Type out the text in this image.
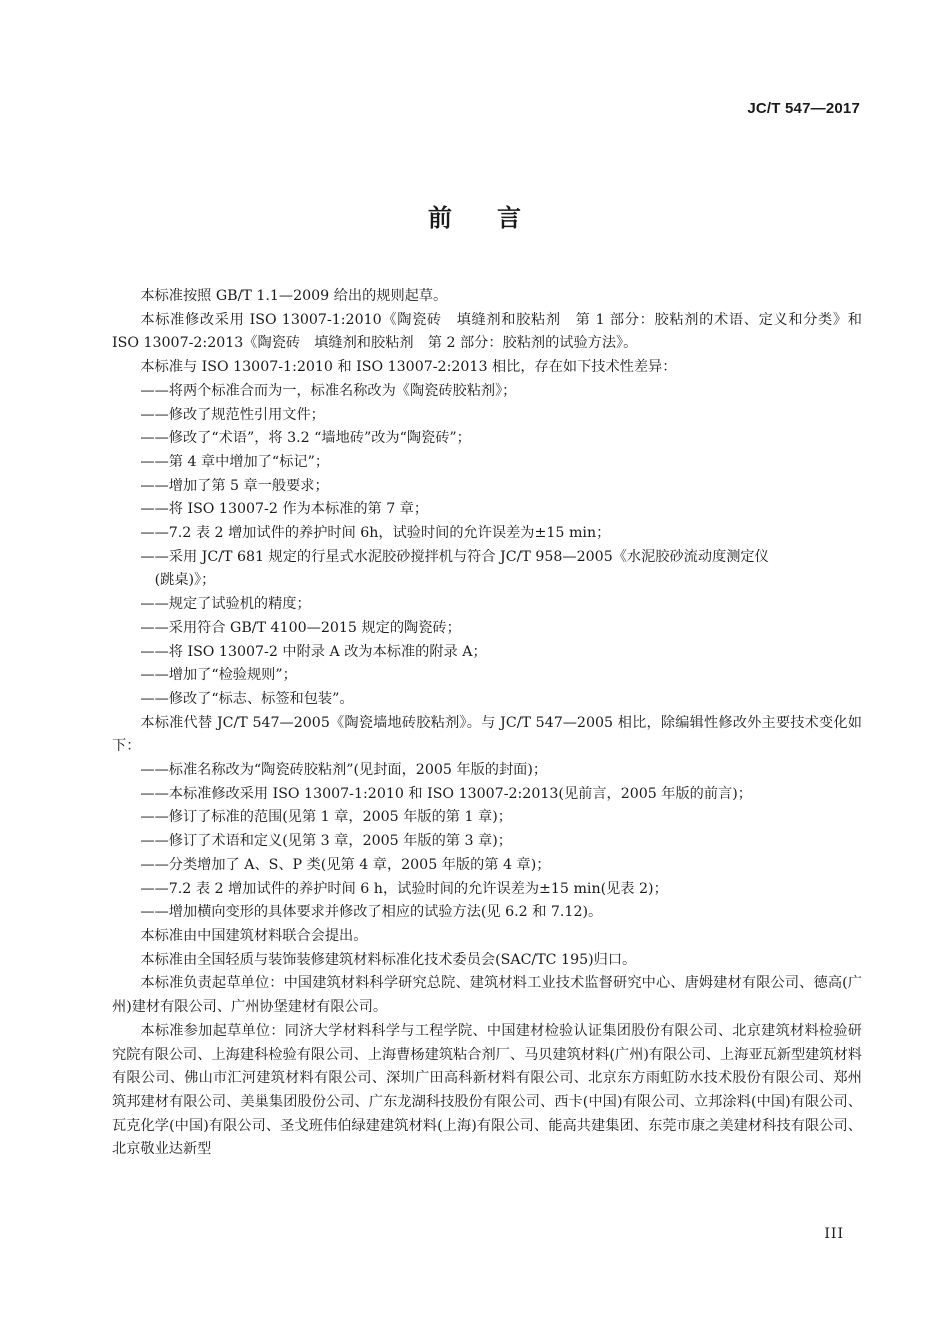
JC/T 547—2017
前 言

本标准按照 GB/T 1.1—2009 给出的规则起草。

本标准修改采用 ISO 13007-1:2010《陶瓷砖　填缝剂和胶粘剂　第 1 部分：胶粘剂的术语、定义和分类》和 ISO 13007-2:2013《陶瓷砖　填缝剂和胶粘剂　第 2 部分：胶粘剂的试验方法》。

本标准与 ISO 13007-1:2010 和 ISO 13007-2:2013 相比，存在如下技术性差异：

——将两个标准合而为一，标准名称改为《陶瓷砖胶粘剂》；

——修改了规范性引用文件；

——修改了“术语”，将 3.2 “墙地砖”改为“陶瓷砖”；

——第 4 章中增加了“标记”；

——增加了第 5 章一般要求；

——将 ISO 13007-2 作为本标准的第 7 章；

——7.2 表 2 增加试件的养护时间 6h，试验时间的允许误差为±15 min；

——采用 JC/T 681 规定的行星式水泥胶砂搅拌机与符合 JC/T 958—2005《水泥胶砂流动度测定仪

(跳桌)》；

——规定了试验机的精度；

——采用符合 GB/T 4100—2015 规定的陶瓷砖；

——将 ISO 13007-2 中附录 A 改为本标准的附录 A；

——增加了“检验规则”；

——修改了“标志、标签和包装”。

本标准代替 JC/T 547—2005《陶瓷墙地砖胶粘剂》。与 JC/T 547—2005 相比，除编辑性修改外主要技术变化如下：

——标准名称改为“陶瓷砖胶粘剂”(见封面，2005 年版的封面)；

——本标准修改采用 ISO 13007-1:2010 和 ISO 13007-2:2013(见前言，2005 年版的前言)；

——修订了标准的范围(见第 1 章，2005 年版的第 1 章)；

——修订了术语和定义(见第 3 章，2005 年版的第 3 章)；

——分类增加了 A、S、P 类(见第 4 章，2005 年版的第 4 章)；

——7.2 表 2 增加试件的养护时间 6 h，试验时间的允许误差为±15 min(见表 2)；

——增加横向变形的具体要求并修改了相应的试验方法(见 6.2 和 7.12)。

本标准由中国建筑材料联合会提出。

本标准由全国轻质与装饰装修建筑材料标准化技术委员会(SAC/TC 195)归口。

本标准负责起草单位：中国建筑材料科学研究总院、建筑材料工业技术监督研究中心、唐姆建材有限公司、德高(广州)建材有限公司、广州协堡建材有限公司。

本标准参加起草单位：同济大学材料科学与工程学院、中国建材检验认证集团股份有限公司、北京建筑材料检验研究院有限公司、上海建科检验有限公司、上海曹杨建筑粘合剂厂、马贝建筑材料(广州)有限公司、上海亚瓦新型建筑材料有限公司、佛山市汇河建筑材料有限公司、深圳广田高科新材料有限公司、北京东方雨虹防水技术股份有限公司、郑州筑邦建材有限公司、美巢集团股份公司、广东龙湖科技股份有限公司、西卡(中国)有限公司、立邦涂料(中国)有限公司、瓦克化学(中国)有限公司、圣戈班伟伯绿建建筑材料(上海)有限公司、能高共建集团、东莞市康之美建材科技有限公司、北京敬业达新型

III
